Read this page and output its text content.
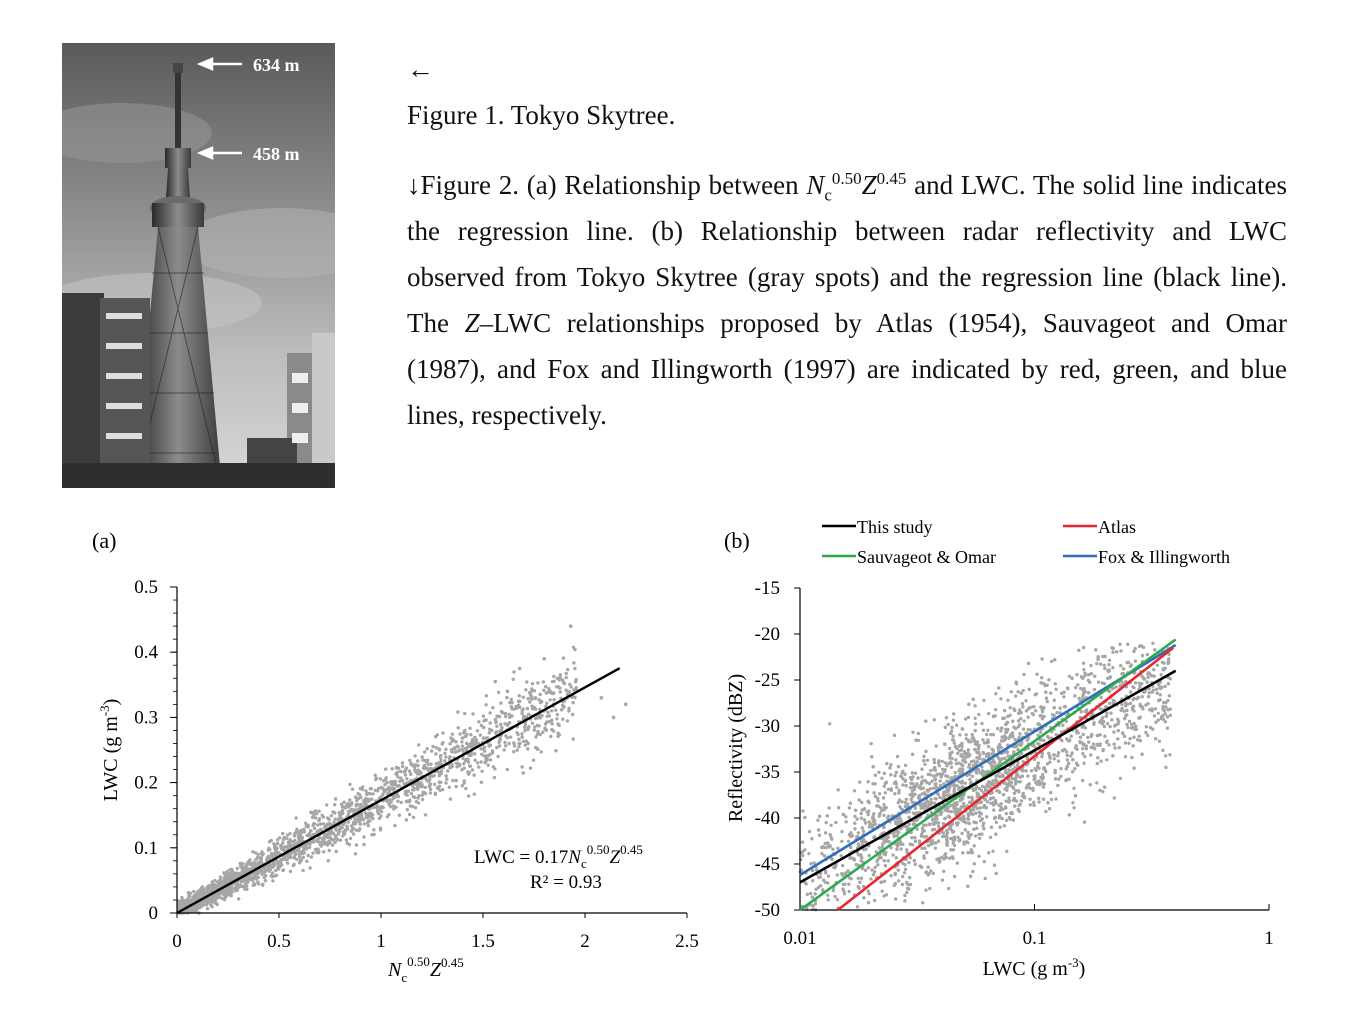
634 m
458 m

←
Figure 1. Tokyo Skytree.

↓Figure 2. (a) Relationship between $N_c^{0.50}Z^{0.45}$ and LWC. The solid line indicates the regression line. (b) Relationship between radar reflectivity and LWC observed from Tokyo Skytree (gray spots) and the regression line (black line). The Z–LWC relationships proposed by Atlas (1954), Sauvageot and Omar (1987), and Fox and Illingworth (1997) are indicated by red, green, and blue lines, respectively.

(a)
0	0.5	1	1.5	2	2.5
0
0.1
0.2
0.3
0.4
0.5
LWC = $0.17N_c^{0.50}Z^{0.45}$
R² = 0.93
$N_c^{0.50}Z^{0.45}$
LWC (g $m^{-3}$)
(b)
This study	Atlas
Sauvageot & Omar	Fox & Illingworth
0.01	0.1	1
-50
-45
-40
-35
-30
-25
-20
-15
LWC (g $m^{-3}$)
Reflectivity (dBZ)
